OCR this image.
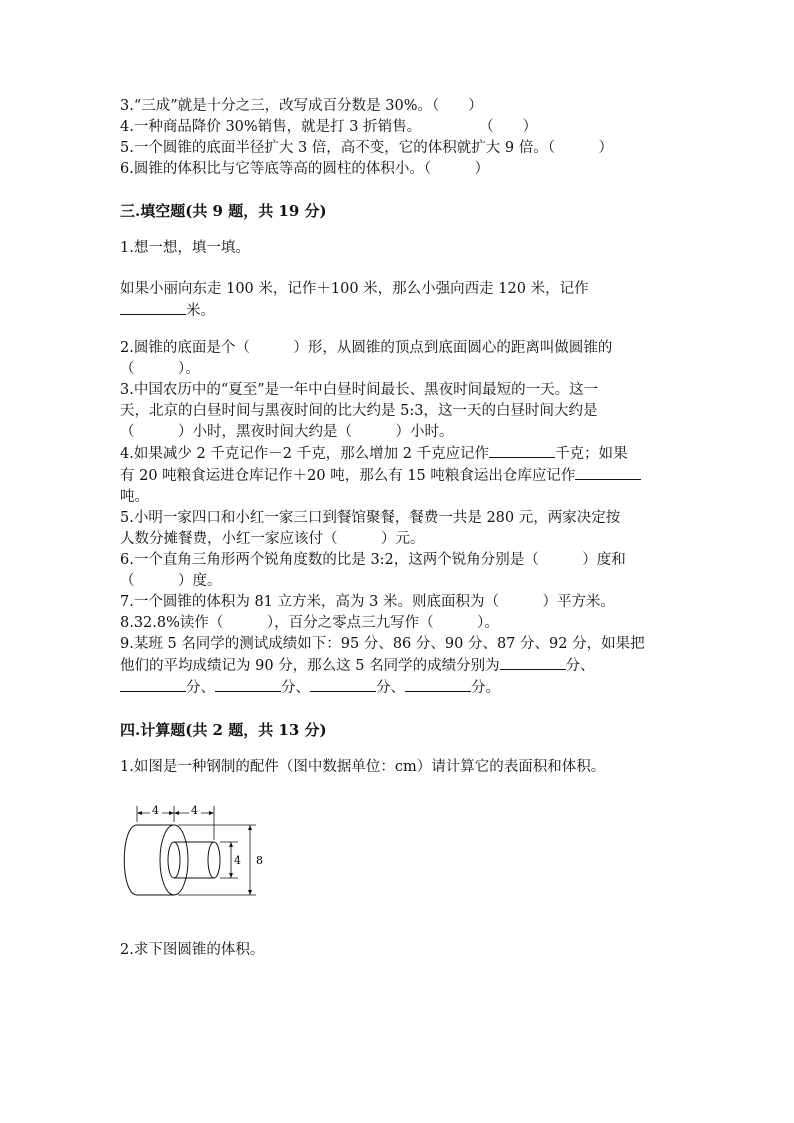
3.“三成”就是十分之三，改写成百分数是 30%。（　　）

4.一种商品降价 30%销售，就是打 3 折销售。　　　　　（　　）

5.一个圆锥的底面半径扩大 3 倍，高不变，它的体积就扩大 9 倍。（　　　）

6.圆锥的体积比与它等底等高的圆柱的体积小。（　　　）

三.填空题(共 9 题，共 19 分)

1.想一想，填一填。

如果小丽向东走 100 米，记作＋100 米，那么小强向西走 120 米，记作

米。

2.圆锥的底面是个（　　　）形，从圆锥的顶点到底面圆心的距离叫做圆锥的

（　　　）。

3.中国农历中的“夏至”是一年中白昼时间最长、黑夜时间最短的一天。这一

天，北京的白昼时间与黑夜时间的比大约是 5:3，这一天的白昼时间大约是

（　　　）小时，黑夜时间大约是（　　　）小时。

4.如果减少 2 千克记作－2 千克，那么增加 2 千克应记作	千克；如果

有 20 吨粮食运进仓库记作＋20 吨，那么有 15 吨粮食运出仓库应记作

吨。

5.小明一家四口和小红一家三口到餐馆聚餐，餐费一共是 280 元，两家决定按

人数分摊餐费，小红一家应该付（　　　）元。

6.一个直角三角形两个锐角度数的比是 3:2，这两个锐角分别是（　　　）度和

（　　　）度。

7.一个圆锥的体积为 81 立方米，高为 3 米。则底面积为（　　　）平方米。

8.32.8%读作（　　　），百分之零点三九写作（　　　）。

9.某班 5 名同学的测试成绩如下：95 分、86 分、90 分、87 分、92 分，如果把

他们的平均成绩记为 90 分，那么这 5 名同学的成绩分别为	分、

分、	分、	分、	分。

四.计算题(共 2 题，共 13 分)

1.如图是一种钢制的配件（图中数据单位：cm）请计算它的表面积和体积。

4	4
4 8

2.求下图圆锥的体积。
